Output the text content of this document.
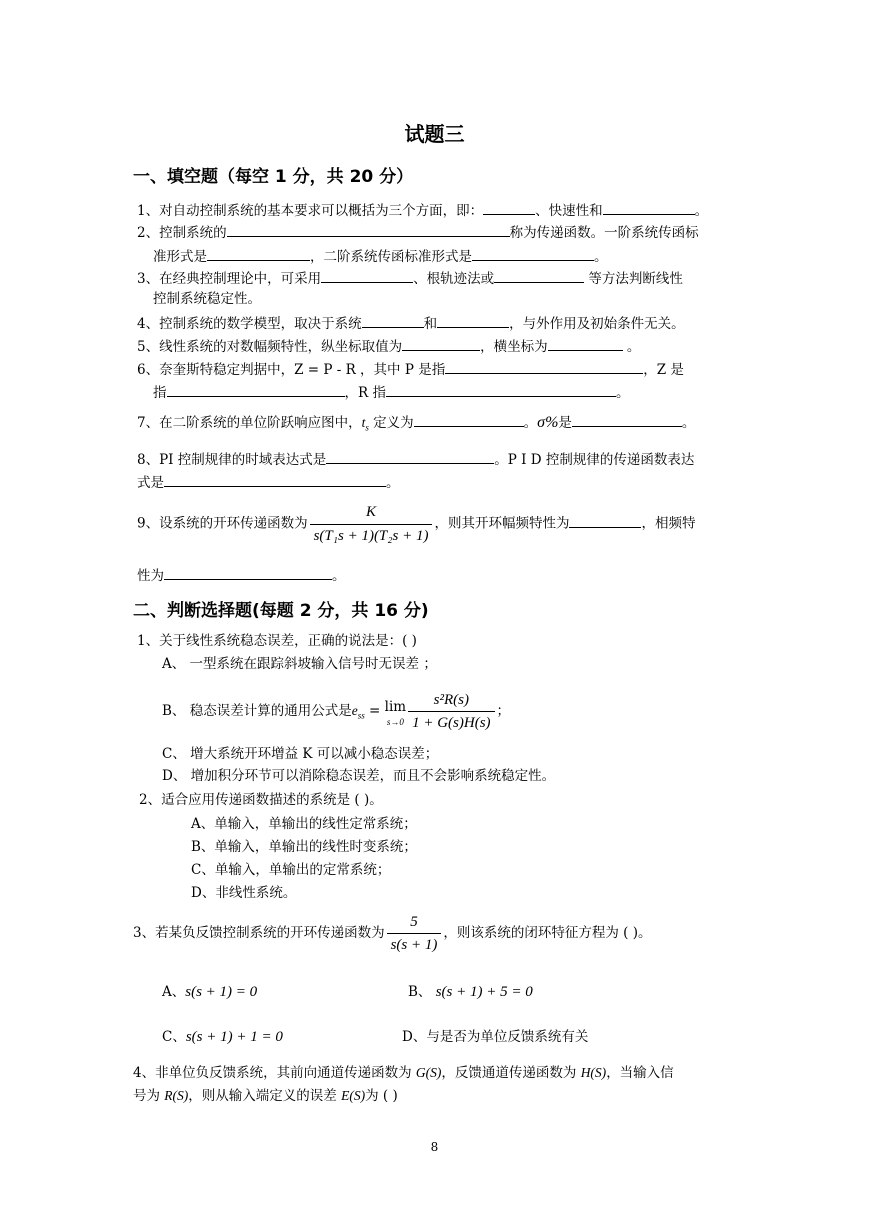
试题三
一、填空题（每空 1 分，共 20 分）
1、对自动控制系统的基本要求可以概括为三个方面，即：	、快速性和	。
2、控制系统的	称为传递函数。一阶系统传函标
准形式是	，二阶系统传函标准形式是	。
3、在经典控制理论中，可采用	、根轨迹法或	等方法判断线性
控制系统稳定性。
4、控制系统的数学模型，取决于系统	和	，与外作用及初始条件无关。
5、线性系统的对数幅频特性，纵坐标取值为	，横坐标为	。
6、奈奎斯特稳定判据中，Z = P - R ，其中 P 是指	，Z 是
指	，R 指	。
7、在二阶系统的单位阶跃响应图中，$t_s$ 定义为	。σ%是	。
8、PI 控制规律的时域表达式是	。P I D 控制规律的传递函数表达
式是	。
9、设系统的开环传递函数为 $\frac{K}{\text{s(T₁s + 1)(T₂s + 1)}}$ ，则其开环幅频特性为	，相频特
性为	。
二、判断选择题(每题 2 分，共 16 分)
1、关于线性系统稳态误差，正确的说法是：( )
A、 一型系统在跟踪斜坡输入信号时无误差 ；
B、 稳态误差计算的通用公式是$e_{ss} = \lim$
$s\to 0 \frac{\text{s²R(s)}}{1 + G(s)H(s)}$ ；
C、 增大系统开环增益 K 可以减小稳态误差；
D、 增加积分环节可以消除稳态误差，而且不会影响系统稳定性。
2、适合应用传递函数描述的系统是 ( )。
A、单输入，单输出的线性定常系统；
B、单输入，单输出的线性时变系统；
C、单输入，单输出的定常系统；
D、非线性系统。
3、若某负反馈控制系统的开环传递函数为 $\frac{5}{s(s + 1)}$ ，则该系统的闭环特征方程为 ( )。
A、s(s + 1) = 0	B、 s(s + 1) + 5 = 0
C、s(s + 1) + 1 = 0	D、与是否为单位反馈系统有关
4、非单位负反馈系统，其前向通道传递函数为 G(S)，反馈通道传递函数为 H(S)，当输入信
号为 R(S)，则从输入端定义的误差 E(S)为 ( )
8
